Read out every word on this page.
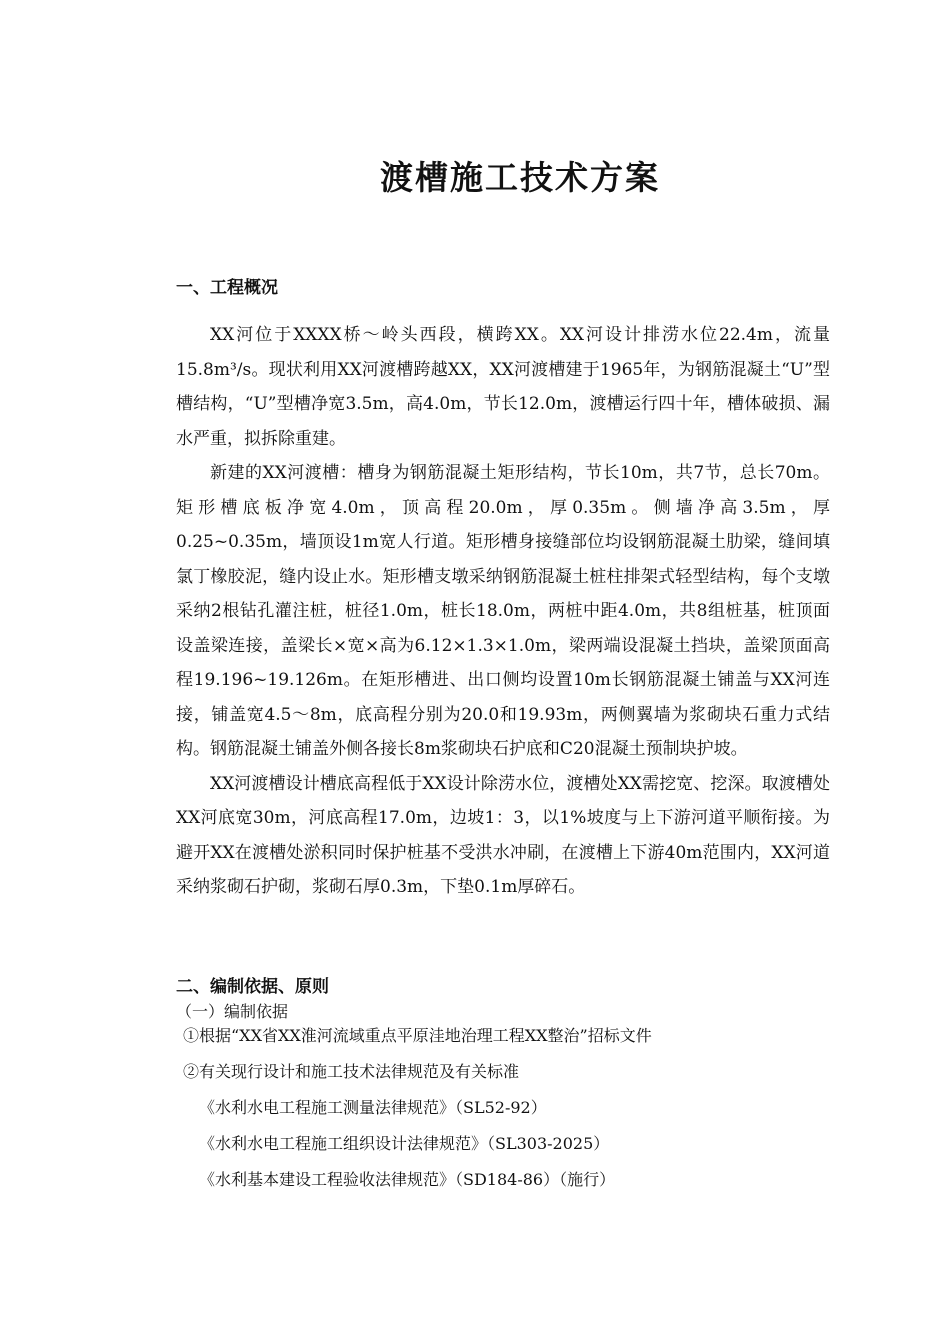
渡槽施工技术方案
一、工程概况

XX河位于XXXX桥～岭头西段，横跨XX。XX河设计排涝水位22.4m，流量15.8m³/s。现状利用XX河渡槽跨越XX，XX河渡槽建于1965年，为钢筋混凝土“U”型槽结构，“U”型槽净宽3.5m，高4.0m，节长12.0m，渡槽运行四十年，槽体破损、漏水严重，拟拆除重建。

新建的XX河渡槽：槽身为钢筋混凝土矩形结构，节长10m，共7节，总长70m。矩形槽底板净宽4.0m，顶高程20.0m，厚0.35m。侧墙净高3.5m，厚0.25~0.35m，墙顶设1m宽人行道。矩形槽身接缝部位均设钢筋混凝土肋梁，缝间填氯丁橡胶泥，缝内设止水。矩形槽支墩采纳钢筋混凝土桩柱排架式轻型结构，每个支墩采纳2根钻孔灌注桩，桩径1.0m，桩长18.0m，两桩中距4.0m，共8组桩基，桩顶面设盖梁连接，盖梁长×宽×高为6.12×1.3×1.0m，梁两端设混凝土挡块，盖梁顶面高程19.196~19.126m。在矩形槽进、出口侧均设置10m长钢筋混凝土铺盖与XX河连接，铺盖宽4.5～8m，底高程分别为20.0和19.93m，两侧翼墙为浆砌块石重力式结构。钢筋混凝土铺盖外侧各接长8m浆砌块石护底和C20混凝土预制块护坡。

XX河渡槽设计槽底高程低于XX设计除涝水位，渡槽处XX需挖宽、挖深。取渡槽处XX河底宽30m，河底高程17.0m，边坡1：3，以1%坡度与上下游河道平顺衔接。为避开XX在渡槽处淤积同时保护桩基不受洪水冲刷，在渡槽上下游40m范围内，XX河道采纳浆砌石护砌，浆砌石厚0.3m，下垫0.1m厚碎石。

二、编制依据、原则
（一）编制依据
①根据“XX省XX淮河流域重点平原洼地治理工程XX整治”招标文件
②有关现行设计和施工技术法律规范及有关标准
《水利水电工程施工测量法律规范》（SL52-92）
《水利水电工程施工组织设计法律规范》（SL303-2025）
《水利基本建设工程验收法律规范》（SD184-86）（施行）
